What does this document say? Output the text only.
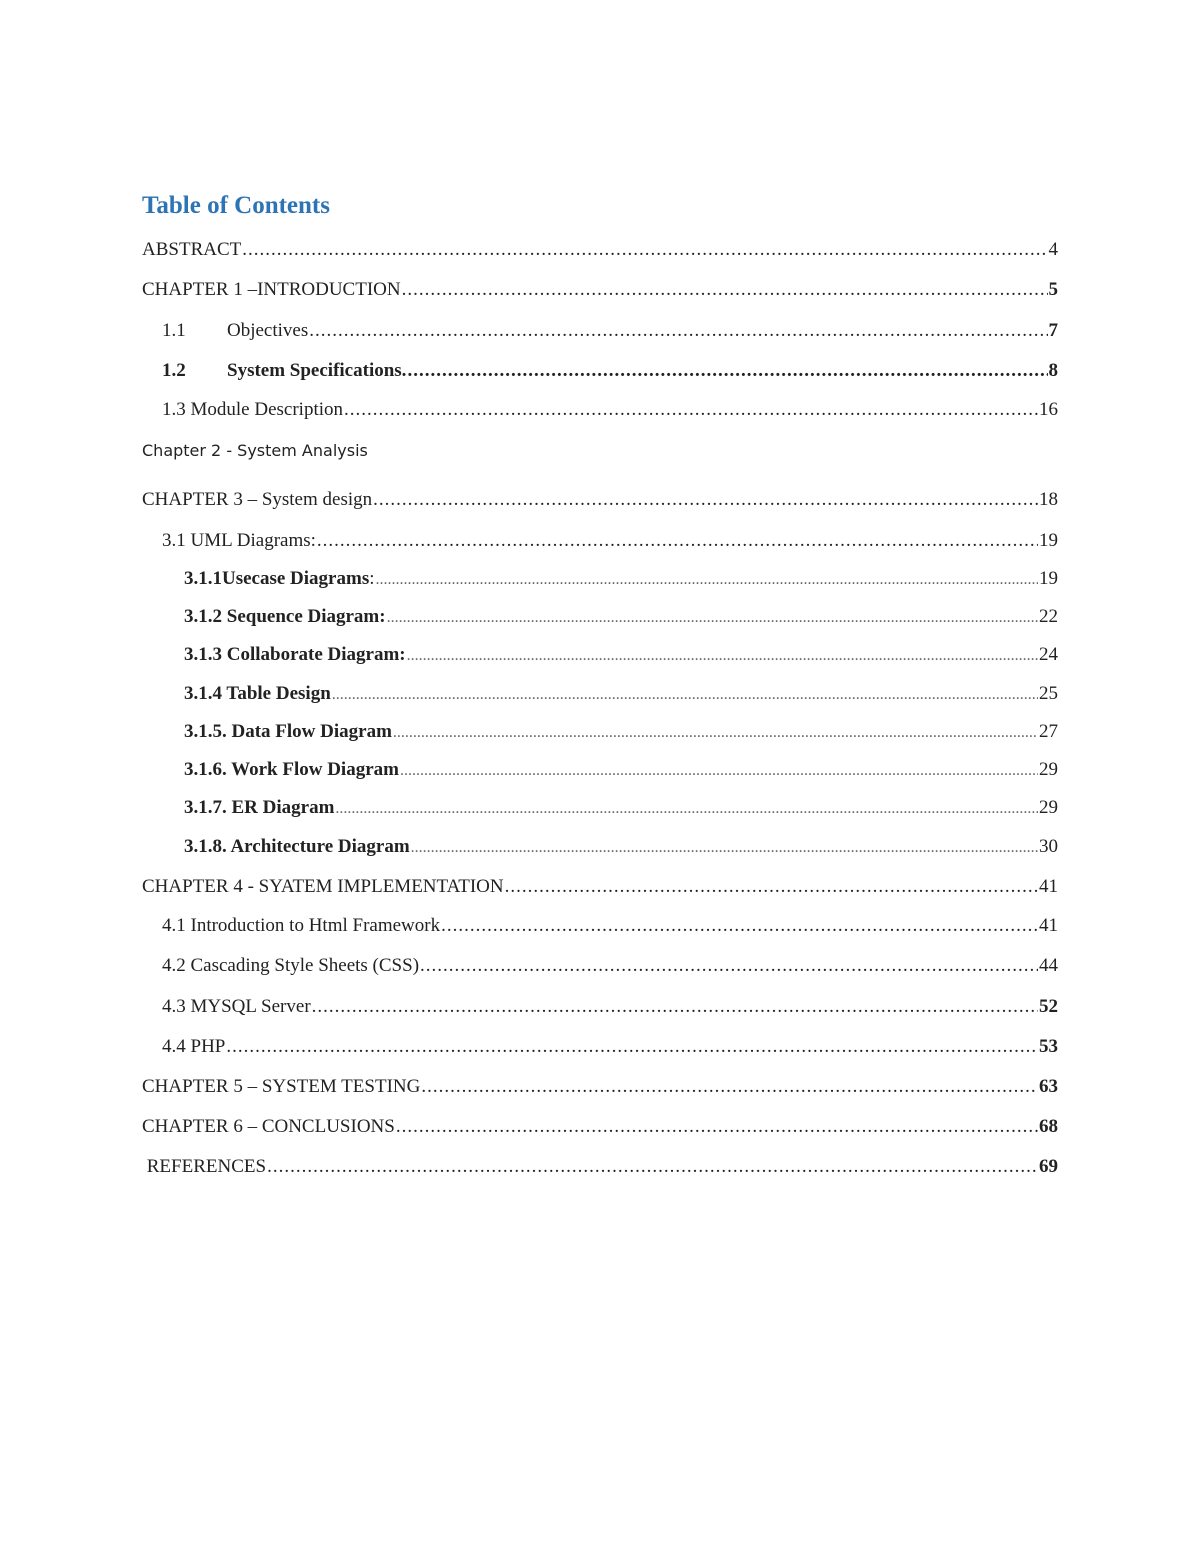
Table of Contents
ABSTRACT .....	4
CHAPTER 1 –INTRODUCTION .....	5
1.1 Objectives .....	7
1.2 System Specifications. .....	8
1.3 Module Description .....	16
Chapter 2 - System Analysis
CHAPTER 3 – System design .....	18
3.1 UML Diagrams: .....	19
3.1.1Usecase Diagrams: .....	19
3.1.2 Sequence Diagram: .....	22
3.1.3 Collaborate Diagram: .....	24
3.1.4 Table Design .....	25
3.1.5. Data Flow Diagram .....	27
3.1.6. Work Flow Diagram .....	29
3.1.7. ER Diagram .....	29
3.1.8. Architecture Diagram .....	30
CHAPTER 4 - SYATEM IMPLEMENTATION .....	41
4.1 Introduction to Html Framework .....	41
4.2 Cascading Style Sheets (CSS) .....	44
4.3 MYSQL Server .....	52
4.4 PHP .....	53
CHAPTER 5 – SYSTEM TESTING .....	63
CHAPTER 6 – CONCLUSIONS .....	68
REFERENCES .....	69
